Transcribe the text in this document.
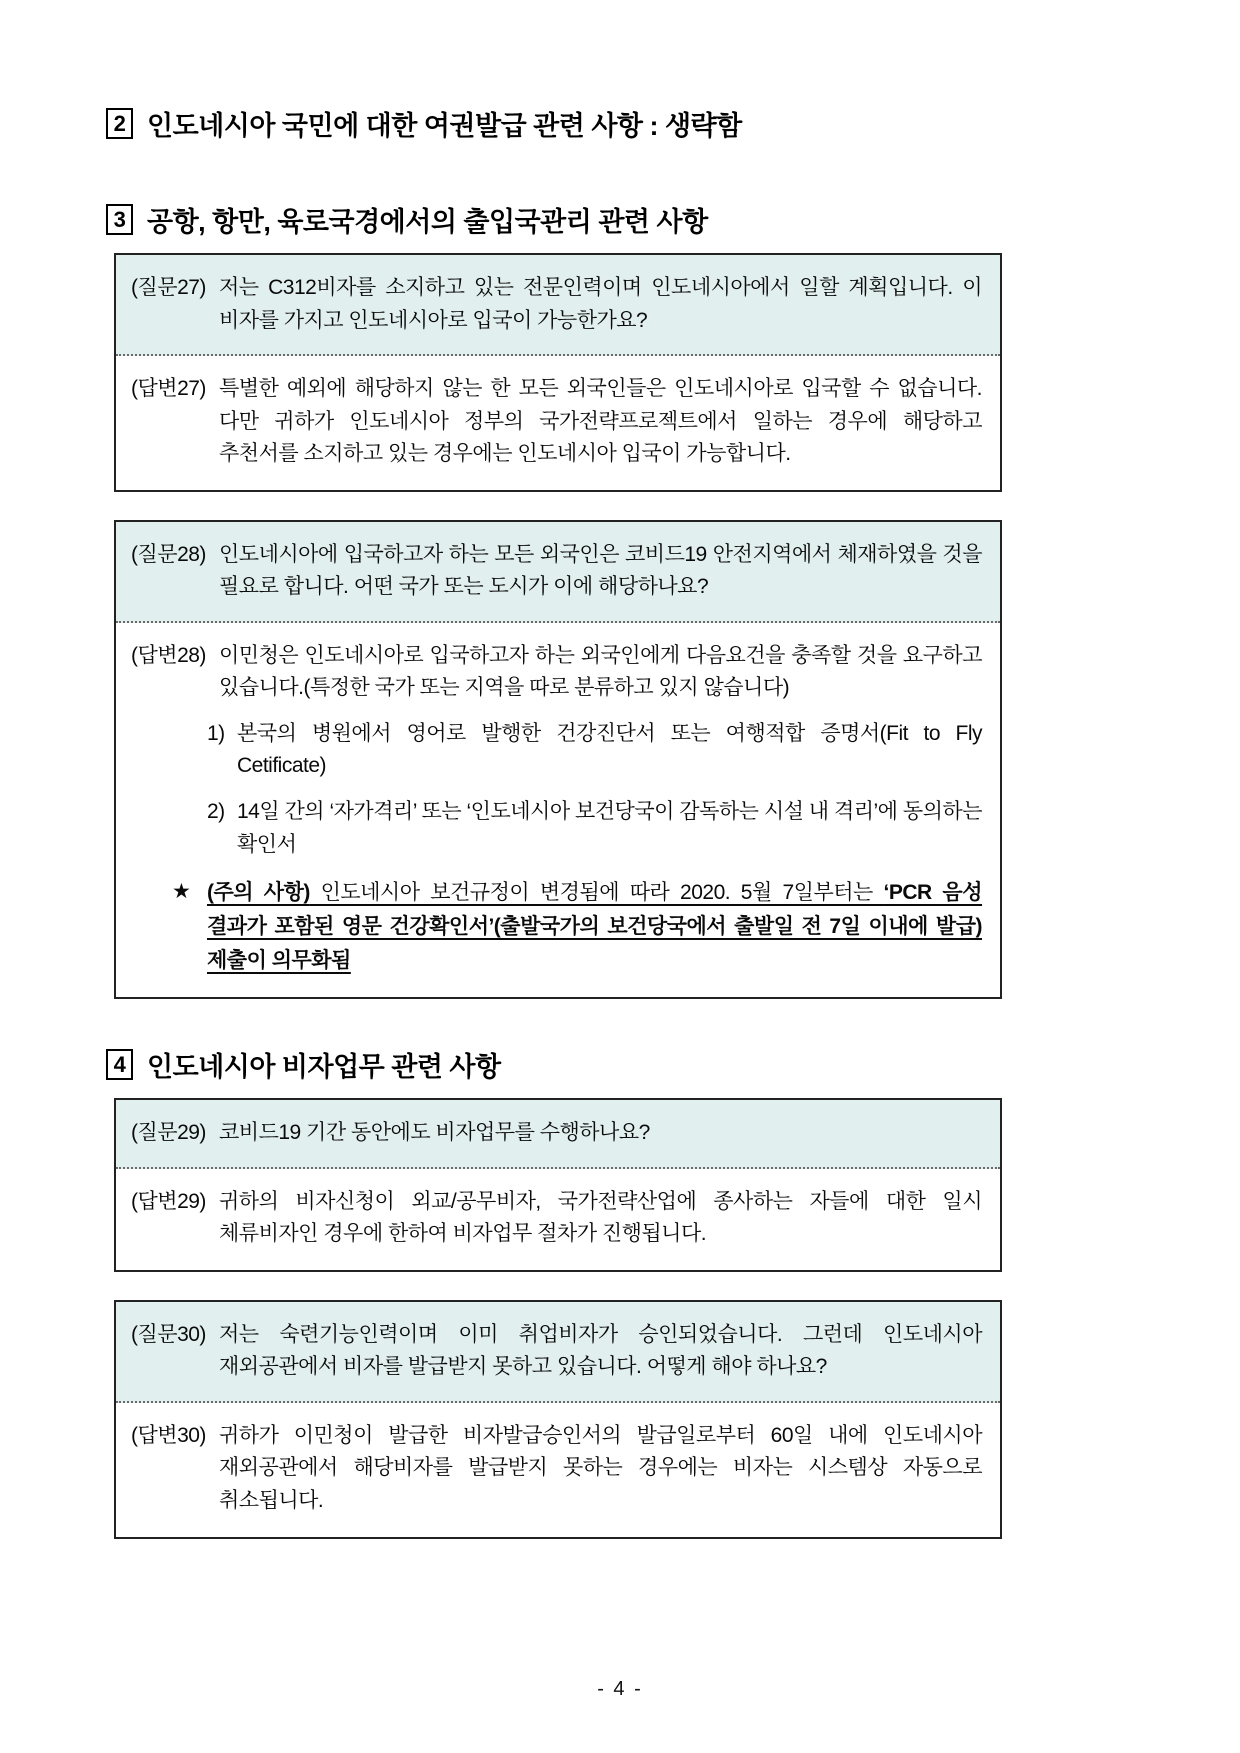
2 인도네시아 국민에 대한 여권발급 관련 사항 : 생략함
3 공항, 항만, 육로국경에서의 출입국관리 관련 사항
(질문27) 저는 C312비자를 소지하고 있는 전문인력이며 인도네시아에서 일할 계획입니다. 이 비자를 가지고 인도네시아로 입국이 가능한가요?
(답변27) 특별한 예외에 해당하지 않는 한 모든 외국인들은 인도네시아로 입국할 수 없습니다. 다만 귀하가 인도네시아 정부의 국가전략프로젝트에서 일하는 경우에 해당하고 추천서를 소지하고 있는 경우에는 인도네시아 입국이 가능합니다.
(질문28) 인도네시아에 입국하고자 하는 모든 외국인은 코비드19 안전지역에서 체재하였을 것을 필요로 합니다. 어떤 국가 또는 도시가 이에 해당하나요?
(답변28) 이민청은 인도네시아로 입국하고자 하는 외국인에게 다음요건을 충족할 것을 요구하고 있습니다.(특정한 국가 또는 지역을 따로 분류하고 있지 않습니다)

1) 본국의 병원에서 영어로 발행한 건강진단서 또는 여행적합 증명서(Fit to Fly Cetificate)
2) 14일 간의 ‘자가격리’ 또는 ‘인도네시아 보건당국이 감독하는 시설 내 격리’에 동의하는 확인서
★ (주의 사항) 인도네시아 보건규정이 변경됨에 따라 2020. 5월 7일부터는 ‘PCR 음성 결과가 포함된 영문 건강확인서’(출발국가의 보건당국에서 출발일 전 7일 이내에 발급) 제출이 의무화됨
4 인도네시아 비자업무 관련 사항
(질문29) 코비드19 기간 동안에도 비자업무를 수행하나요?
(답변29) 귀하의 비자신청이 외교/공무비자, 국가전략산업에 종사하는 자들에 대한 일시 체류비자인 경우에 한하여 비자업무 절차가 진행됩니다.
(질문30) 저는 숙련기능인력이며 이미 취업비자가 승인되었습니다. 그런데 인도네시아 재외공관에서 비자를 발급받지 못하고 있습니다. 어떻게 해야 하나요?
(답변30) 귀하가 이민청이 발급한 비자발급승인서의 발급일로부터 60일 내에 인도네시아 재외공관에서 해당비자를 발급받지 못하는 경우에는 비자는 시스템상 자동으로 취소됩니다.
- 4 -
